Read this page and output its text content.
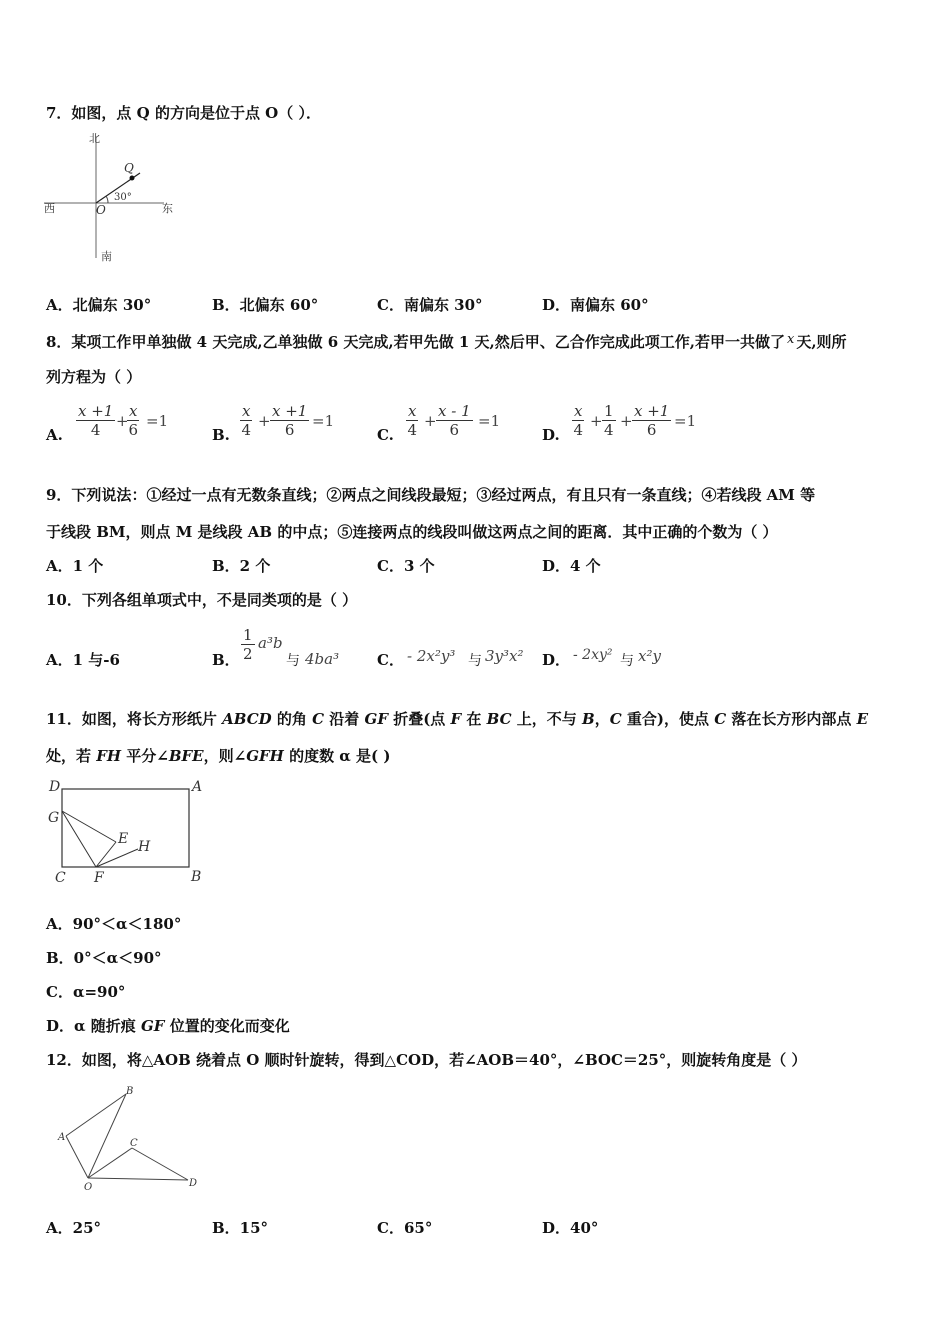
7．如图，点 Q 的方向是位于点 O（ ）．
北
西	东
南
O
Q
30°
A．北偏东 30°	B．北偏东 60°	C．南偏东 30°	D．南偏东 60°
8．某项工作甲单独做 4 天完成,乙单独做 6 天完成,若甲先做 1 天,然后甲、乙合作完成此项工作,若甲一共做了 x 天,则所
列方程为（ ）
A. $\frac{x +1}{4}$ +
$\frac{x}{6} =1$
B. $\frac{x}{4} + \frac{x +1}{6} =1$
C. $\frac{x}{4} + \frac{x - 1}{6} =1$
D. $\frac{x}{4} + \frac{1}{4} + \frac{x +1}{6} =1$
9．下列说法：①经过一点有无数条直线；②两点之间线段最短；③经过两点，有且只有一条直线；④若线段 AM 等
于线段 BM，则点 M 是线段 AB 的中点；⑤连接两点的线段叫做这两点之间的距离．其中正确的个数为（ ）
A．1 个	B．2 个	C．3 个	D．4 个
10．下列各组单项式中，不是同类项的是（ ）
A．1 与-6	B． $\frac{1}{2} a^3b$
与 4ba³	C． - 2x²y³ 与 3y³x² D． - 2xy² 与 x²y
11．如图，将长方形纸片 ABCD 的角 C 沿着 GF 折叠(点 F 在 BC 上，不与 B，C 重合)，使点 C 落在长方形内部点 E
处，若 FH 平分∠BFE，则∠GFH 的度数 α 是( )
D	A
G
E H
C F	B
A．90°＜α＜180°
B．0°＜α＜90°
C．α=90°
D．α 随折痕 GF 位置的变化而变化
12．如图，将△AOB 绕着点 O 顺时针旋转，得到△COD，若∠AOB＝40°，∠BOC＝25°，则旋转角度是（ ）
A
B
C
O	D
A．25°	B．15°	C．65°	D．40°
